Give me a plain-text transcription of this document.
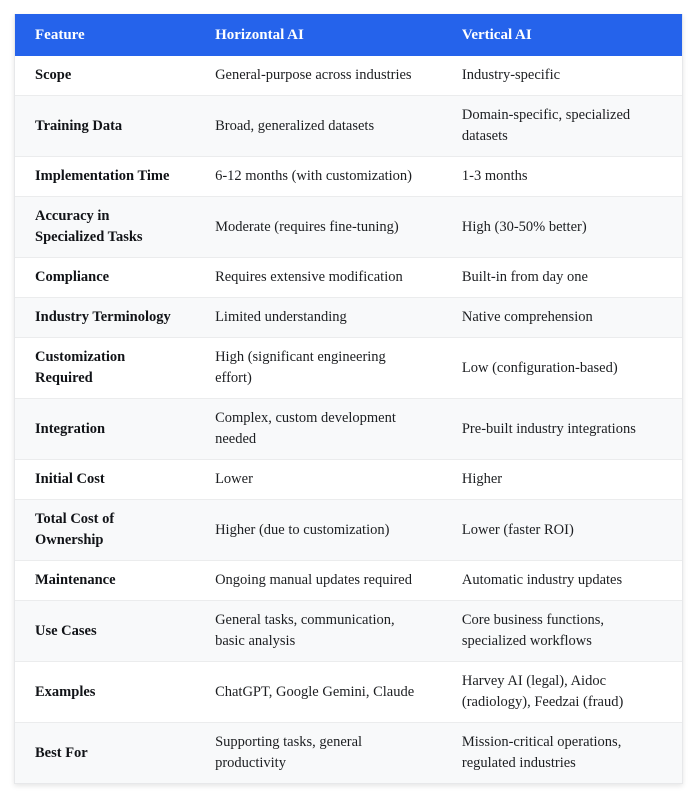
Feature	Horizontal AI	Vertical AI
Scope	General-purpose across industries	Industry-specific
Training Data	Broad, generalized datasets	Domain-specific, specialized datasets
Implementation Time	6-12 months (with customization)	1-3 months
Accuracy in Specialized Tasks	Moderate (requires fine-tuning)	High (30-50% better)
Compliance	Requires extensive modification	Built-in from day one
Industry Terminology	Limited understanding	Native comprehension
Customization Required	High (significant engineering effort)	Low (configuration-based)
Integration	Complex, custom development needed	Pre-built industry integrations
Initial Cost	Lower	Higher
Total Cost of Ownership	Higher (due to customization)	Lower (faster ROI)
Maintenance	Ongoing manual updates required	Automatic industry updates
Use Cases	General tasks, communication, basic analysis	Core business functions, specialized workflows
Examples	ChatGPT, Google Gemini, Claude	Harvey AI (legal), Aidoc (radiology), Feedzai (fraud)
Best For	Supporting tasks, general productivity	Mission-critical operations, regulated industries
